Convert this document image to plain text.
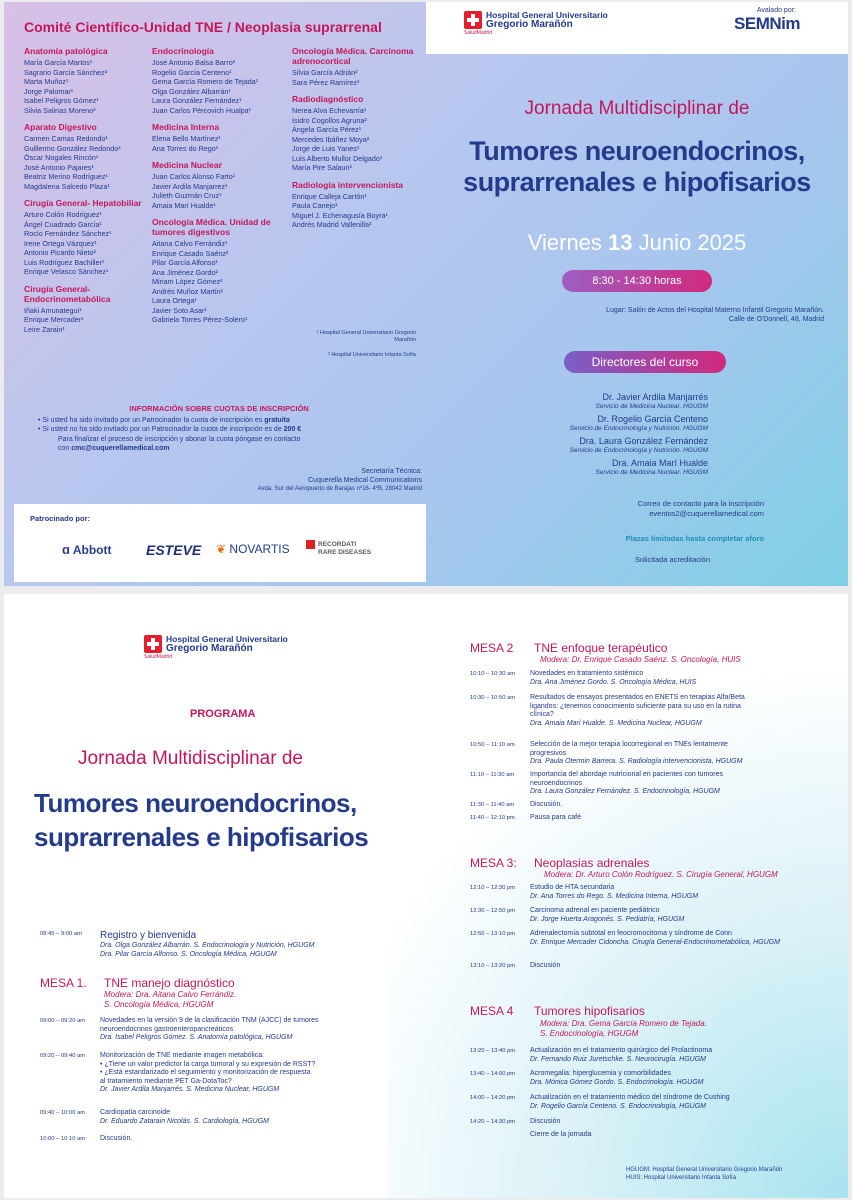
Comité Científico-Unidad TNE / Neoplasia suprarrenal
Anatomía patológica
María García Martos¹
Sagrario García Sánchez²
Marta Muñoz¹
Jorge Palomar¹
Isabel Peligros Gómez¹
Silvia Salinas Moreno²
Aparato Digestivo
Carmen Camas Redondo¹
Guillermo González Redondo²
Óscar Nogales Rincón¹
José Antonio Pajares¹
Beatriz Merino Rodríguez¹
Magdalena Salcedo Plaza¹
Cirugía General- Hepatobiliar
Arturo Colón Rodríguez¹
Ángel Cuadrado García¹
Rocío Fernández Sánchez¹
Irene Ortega Vázquez¹
Antonio Picardo Nieto²
Luis Rodríguez Bachiller¹
Enrique Velasco Sánchez¹
Cirugía General- Endocrinometabólica
Iñaki Amunategui¹
Enrique Mercader¹
Leire Zarain¹
Endocrinología
José Antonio Balsa Barro²
Rogelio García Centeno¹
Gema García Romero de Tejada¹
Olga González Albarrán¹
Laura González Fernández¹
Juan Carlos Pércovich Hualpa¹
Medicina Interna
Elena Bello Martínez¹
Ana Torres do Rego¹
Medicina Nuclear
Juan Carlos Alonso Farto¹
Javier Ardila Manjarrez¹
Julieth Guzmán Cruz¹
Amaia Marí Hualde¹
Oncología Médica. Unidad de tumores digestivos
Aitana Calvo Ferrándiz¹
Enrique Casado Saénz²
Pilar García Alfonso¹
Ana Jiménez Gordo²
Miriam López Gómez¹
Andrés Muñoz Martín¹
Laura Ortega¹
Javier Soto Asar¹
Gabriela Torres Pérez-Solero¹
Oncología Médica. Carcinoma adrenocortical
Silvia García Adrián²
Sara Pérez Ramírez¹
Radiodiagnóstico
Nerea Alva Echevarría¹
Isidro Cogollos Agruna²
Ángela García Pérez¹
Mercedes Ibáñez Moya²
Jorge de Luis Yanes¹
Luis Alberto Mullor Delgado¹
María Pire Salaun²
Radiología intervencionista
Enrique Calleja Cartón¹
Paula Canejo¹
Miguel J. Echenagusía Boyra¹
Andrés Madrid Vallenilla²
¹ Hospital General Universitario Gregorio Marañón
² Hospital Universitario Infanta Sofía
INFORMACIÓN SOBRE CUOTAS DE INSCRIPCIÓN
• Si usted ha sido invitado por un Patrocinador la cuota de inscripción es gratuita
• Si usted no ha sido invitado por un Patrocinador la cuota de inscripción es de 200 €
Para finalizar el proceso de inscripción y abonar la cuota póngase en contacto
con cmc@cuquerellamedical.com
Secretaría Técnica:
Cuquerella Medical Communications
Avda. Sur del Aeropuerto de Barajas nº16- 4ºB, 28042 Madrid
Patrocinado por:
ɑ Abbott ESTEVE ❦ NOVARTIS	RECORDATI
RARE DISEASES
Hospital General Universitario
Gregorio Marañón
SaludMadrid
Avalado por:
SEMNim
Jornada Multidisciplinar de
Tumores neuroendocrinos,
suprarrenales e hipofisarios
Viernes 13 Junio 2025
8:30 - 14:30 horas
Lugar: Salón de Actos del Hospital Materno Infantil Gregorio Marañón.
Calle de O'Donnell, 48, Madrid
Directores del curso
Dr. Javier Ardila Manjarrés
Servicio de Medicina Nuclear. HGUGM
Dr. Rogelio García Centeno
Servicio de Endocrinología y Nutrición. HGUGM
Dra. Laura González Fernández
Servicio de Endocrinología y Nutrición. HGUGM
Dra. Amaia Marí Hualde
Servicio de Medicina Nuclear. HGUGM
Correo de contacto para la inscripción
eventos2@cuquerellamedical.com
Plazas limitadas hasta completar aforo
Solicitada acreditación
Hospital General Universitario
Gregorio Marañón
SaludMadrid
PROGRAMA
Jornada Multidisciplinar de
Tumores neuroendocrinos,
suprarrenales e hipofisarios
08:45 – 9:00 am Registro y bienvenida
Dra. Olga González Albarrán. S. Endocrinología y Nutrición, HGUGM
Dra. Pilar García Alfonso. S. Oncología Médica, HGUGM
MESA 1. TNE manejo diagnóstico
Modera: Dra. Aitana Calvo Ferrándiz.
S. Oncología Médica, HGUGM
09:00 – 09:20 am Novedades en la versión 9 de la clasificación TNM (AJCC) de tumores
neuroendocrinos gastroenteropancreáticos
Dra. Isabel Peligros Gómez. S. Anatomía patológica, HGUGM
09:20 – 09:40 am Monitorización de TNE mediante imagen metabólica:
• ¿Tiene un valor predictor la carga tumoral y su expresión de RSST?
• ¿Está estandarizado el seguimiento y monitorización de respuesta
al tratamiento mediante PET Ga-DotaToc?
Dr. Javier Ardila Manjarrés. S. Medicina Nuclear, HGUGM
09:40 – 10:00 am Cardiopatía carcinoide
Dr. Eduardo Zatarain Nicolás. S. Cardiología, HGUGM
10:00 – 10:10 am Discusión.
MESA 2 TNE enfoque terapéutico
Modera: Dr. Enrique Casado Saénz. S. Oncología, HUIS
10:10 – 10:30 am Novedades en tratamiento sistémico
Dra. Ana Jiménez Gordo. S. Oncología Médica, HUIS
10:30 – 10:50 am Resultados de ensayos presentados en ENETS en terapias Alfa/Beta
ligandos: ¿tenemos conocimiento suficiente para su uso en la rutina
clínica?
Dra. Amaia Marí Hualde. S. Medicina Nuclear, HGUGM
10:50 – 11:10 am Selección de la mejor terapia locorregional en TNEs lentamente
progresivos
Dra. Paula Otermin Barrera. S. Radiología intervencionista, HGUGM
11:10 – 11:30 am Importancia del abordaje nutricional en pacientes con tumores
neuroendocrinos
Dra. Laura González Fernández. S. Endocrinología, HGUGM
11:30 – 11:40 am Discusión.
11:40 – 12:10 pm Pausa para café
MESA 3: Neoplasias adrenales
Modera: Dr. Arturo Colón Rodríguez. S. Cirugía General, HGUGM
12:10 – 12:30 pm Estudio de HTA secundaria
Dr. Ana Torres do Rego. S. Medicina Interna, HGUGM
12:30 – 12:50 pm Carcinoma adrenal en paciente pediátrico
Dr. Jorge Huerta Aragonés. S. Pediatría, HGUGM
12:50 – 13:10 pm Adrenalectomía subtotal en feocromocitoma y síndrome de Conn
Dr. Enrique Mercader Cidoncha. Cirugía General-Endocrinometabólica, HGUGM
13:10 – 13:20 pm Discusión
MESA 4 Tumores hipofisarios
Modera: Dra. Gema García Romero de Tejada.
S. Endocrinología, HGUGM
13:20 – 13:40 pm Actualización en el tratamiento quirúrgico del Prolactinoma
Dr. Fernando Ruiz Juretschke. S. Neurocirugía. HGUGM
13:40 – 14:00 pm Acromegalia: hiperglucemia y comorbilidades
Dra. Mónica Gómez Gordo. S. Endocrinología. HGUGM
14:00 – 14:20 pm Actualización en el tratamiento médico del síndrome de Cushing
Dr. Rogelio García Centeno. S. Endocrinología, HGUGM
14:20 – 14:30 pm Discusión
Cierre de la jornada
HGUGM: Hospital General Universitario Gregorio Marañón
HUIS: Hospital Universitario Infanta Sofía
